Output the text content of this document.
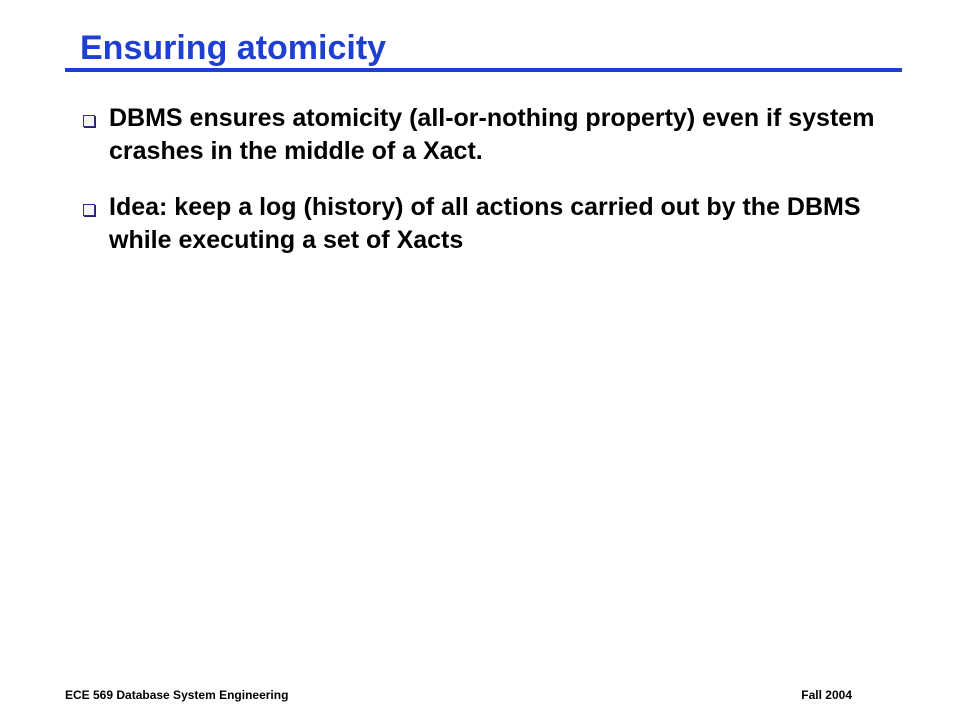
Ensuring atomicity
DBMS ensures atomicity (all-or-nothing property) even if system crashes in the middle of a Xact.
Idea: keep a log (history) of all actions carried out by the DBMS while executing a set of Xacts
ECE 569 Database System Engineering	Fall 2004
